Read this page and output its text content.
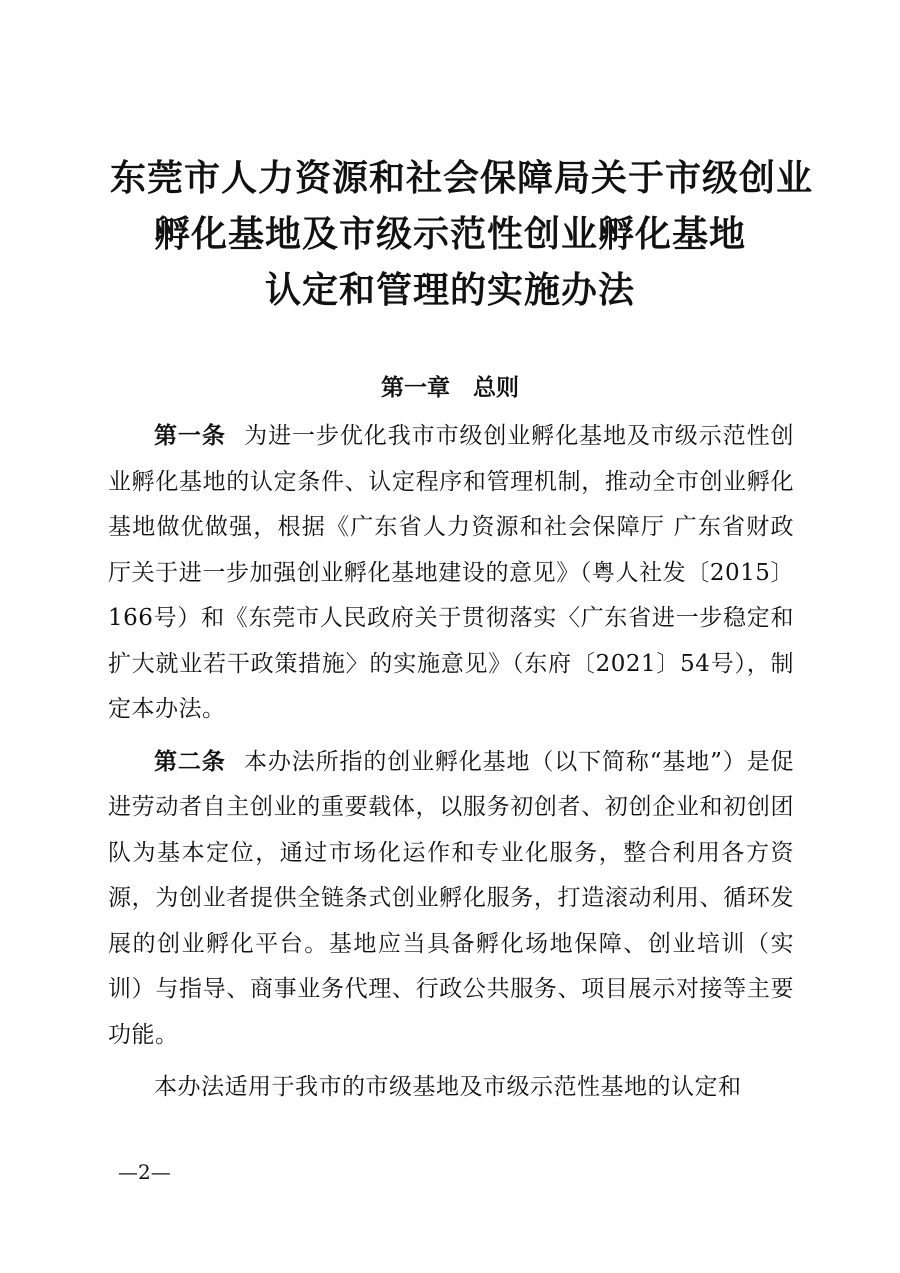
东莞市人力资源和社会保障局关于市级创业
孵化基地及市级示范性创业孵化基地
认定和管理的实施办法
第一章　总则

第一条 为进一步优化我市市级创业孵化基地及市级示范性创业孵化基地的认定条件、认定程序和管理机制，推动全市创业孵化基地做优做强，根据《广东省人力资源和社会保障厅 广东省财政厅关于进一步加强创业孵化基地建设的意见》（粤人社发〔2015〕166号）和《东莞市人民政府关于贯彻落实〈广东省进一步稳定和扩大就业若干政策措施〉的实施意见》（东府〔2021〕54号），制定本办法。

第二条 本办法所指的创业孵化基地（以下简称“基地”）是促进劳动者自主创业的重要载体，以服务初创者、初创企业和初创团队为基本定位，通过市场化运作和专业化服务，整合利用各方资源，为创业者提供全链条式创业孵化服务，打造滚动利用、循环发展的创业孵化平台。基地应当具备孵化场地保障、创业培训（实训）与指导、商事业务代理、行政公共服务、项目展示对接等主要功能。

本办法适用于我市的市级基地及市级示范性基地的认定和

—2—
